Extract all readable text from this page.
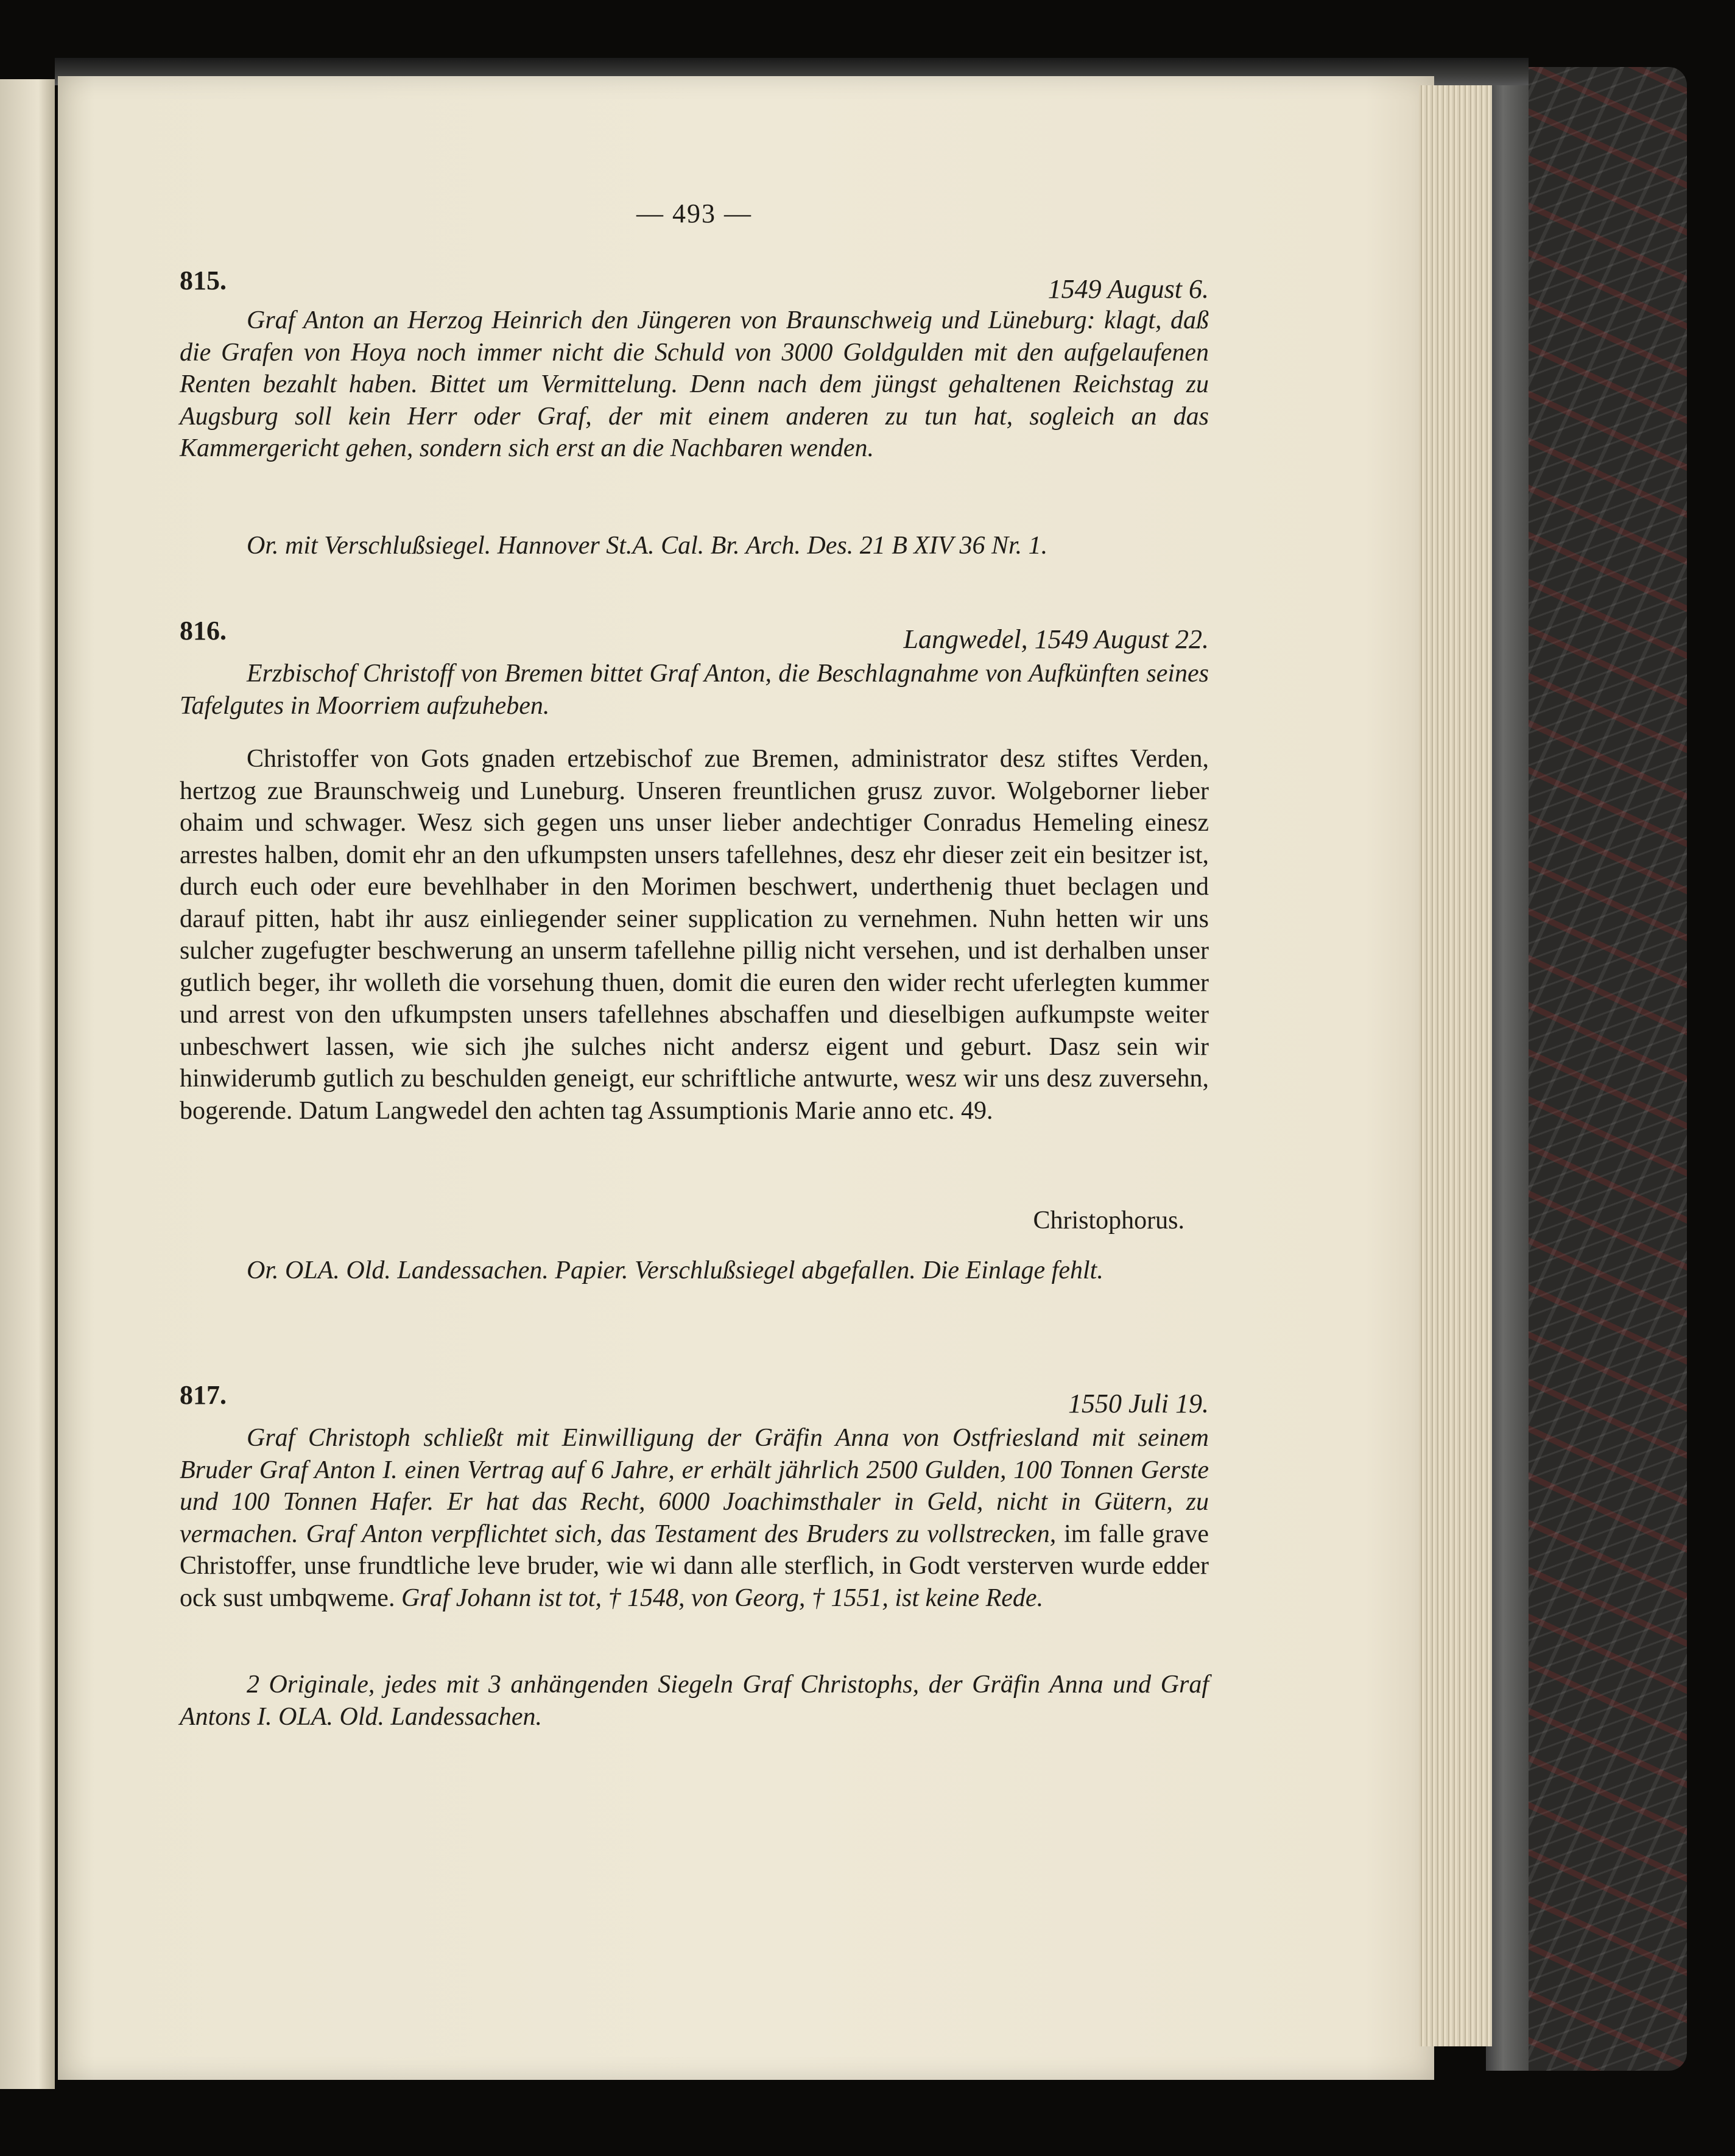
— 493 —
815.	1549 August 6.
Graf Anton an Herzog Heinrich den Jüngeren von Braunschweig und Lüneburg: klagt, daß die Grafen von Hoya noch immer nicht die Schuld von 3000 Goldgulden mit den aufgelaufenen Renten bezahlt haben. Bittet um Vermittelung. Denn nach dem jüngst gehaltenen Reichstag zu Augsburg soll kein Herr oder Graf, der mit einem anderen zu tun hat, sogleich an das Kammergericht gehen, sondern sich erst an die Nachbaren wenden.
Or. mit Verschlußsiegel. Hannover St.A. Cal. Br. Arch. Des. 21 B XIV 36 Nr. 1.
816.	Langwedel, 1549 August 22.
Erzbischof Christoff von Bremen bittet Graf Anton, die Beschlagnahme von Aufkünften seines Tafelgutes in Moorriem aufzuheben.
Christoffer von Gots gnaden ertzebischof zue Bremen, administrator desz stiftes Verden, hertzog zue Braunschweig und Luneburg. Unseren freuntlichen grusz zuvor. Wolgeborner lieber ohaim und schwager. Wesz sich gegen uns unser lieber andechtiger Conradus Hemeling einesz arrestes halben, domit ehr an den ufkumpsten unsers tafellehnes, desz ehr dieser zeit ein besitzer ist, durch euch oder eure bevehlhaber in den Morimen beschwert, underthenig thuet beclagen und darauf pitten, habt ihr ausz einliegender seiner supplication zu vernehmen. Nuhn hetten wir uns sulcher zugefugter beschwerung an unserm tafellehne pillig nicht versehen, und ist derhalben unser gutlich beger, ihr wolleth die vorsehung thuen, domit die euren den wider recht uferlegten kummer und arrest von den ufkumpsten unsers tafellehnes abschaffen und dieselbigen aufkumpste weiter unbeschwert lassen, wie sich jhe sulches nicht andersz eigent und geburt. Dasz sein wir hinwiderumb gutlich zu beschulden geneigt, eur schriftliche antwurte, wesz wir uns desz zuversehn, bogerende. Datum Langwedel den achten tag Assumptionis Marie anno etc. 49.
Christophorus.
Or. OLA. Old. Landessachen. Papier. Verschlußsiegel abgefallen. Die Einlage fehlt.
817.	1550 Juli 19.
Graf Christoph schließt mit Einwilligung der Gräfin Anna von Ostfriesland mit seinem Bruder Graf Anton I. einen Vertrag auf 6 Jahre, er erhält jährlich 2500 Gulden, 100 Tonnen Gerste und 100 Tonnen Hafer. Er hat das Recht, 6000 Joachimsthaler in Geld, nicht in Gütern, zu vermachen. Graf Anton verpflichtet sich, das Testament des Bruders zu vollstrecken, im falle grave Christoffer, unse frundtliche leve bruder, wie wi dann alle sterflich, in Godt versterven wurde edder ock sust umbqweme. Graf Johann ist tot, † 1548, von Georg, † 1551, ist keine Rede.
2 Originale, jedes mit 3 anhängenden Siegeln Graf Christophs, der Gräfin Anna und Graf Antons I. OLA. Old. Landessachen.
